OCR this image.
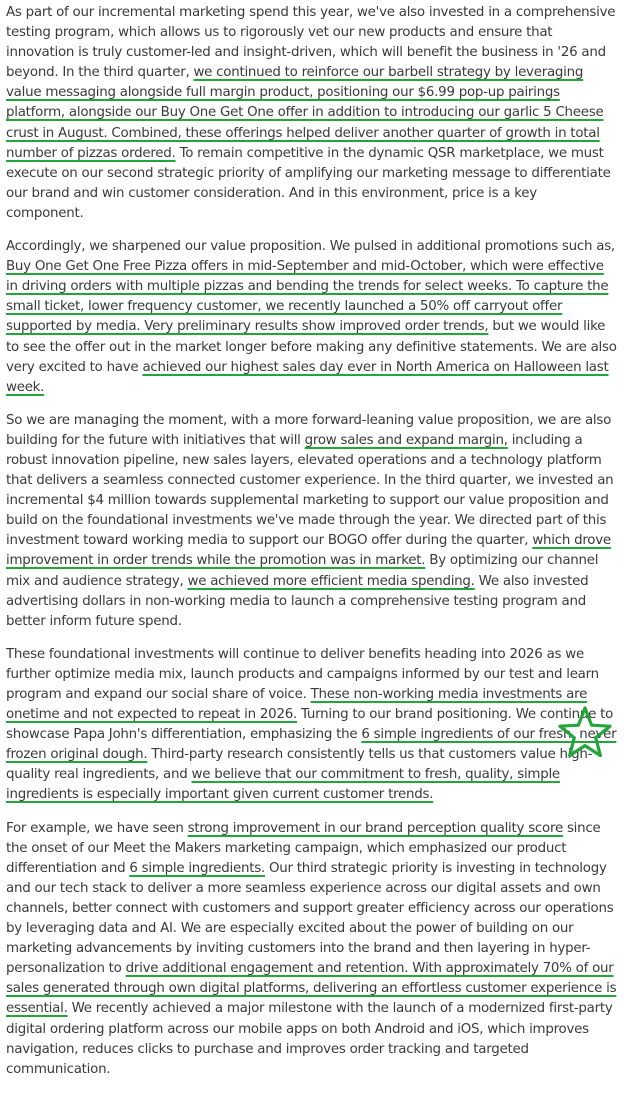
As part of our incremental marketing spend this year, we've also invested in a comprehensive testing program, which allows us to rigorously vet our new products and ensure that innovation is truly customer-led and insight-driven, which will benefit the business in '26 and beyond. In the third quarter, we continued to reinforce our barbell strategy by leveraging value messaging alongside full margin product, positioning our $6.99 pop-up pairings platform, alongside our Buy One Get One offer in addition to introducing our garlic 5 Cheese crust in August. Combined, these offerings helped deliver another quarter of growth in total number of pizzas ordered. To remain competitive in the dynamic QSR marketplace, we must execute on our second strategic priority of amplifying our marketing message to differentiate our brand and win customer consideration. And in this environment, price is a key component.

Accordingly, we sharpened our value proposition. We pulsed in additional promotions such as, Buy One Get One Free Pizza offers in mid-September and mid-October, which were effective in driving orders with multiple pizzas and bending the trends for select weeks. To capture the small ticket, lower frequency customer, we recently launched a 50% off carryout offer supported by media. Very preliminary results show improved order trends, but we would like to see the offer out in the market longer before making any definitive statements. We are also very excited to have achieved our highest sales day ever in North America on Halloween last week.

So we are managing the moment, with a more forward-leaning value proposition, we are also building for the future with initiatives that will grow sales and expand margin, including a robust innovation pipeline, new sales layers, elevated operations and a technology platform that delivers a seamless connected customer experience. In the third quarter, we invested an incremental $4 million towards supplemental marketing to support our value proposition and build on the foundational investments we've made through the year. We directed part of this investment toward working media to support our BOGO offer during the quarter, which drove improvement in order trends while the promotion was in market. By optimizing our channel mix and audience strategy, we achieved more efficient media spending. We also invested advertising dollars in non-working media to launch a comprehensive testing program and better inform future spend.

These foundational investments will continue to deliver benefits heading into 2026 as we further optimize media mix, launch products and campaigns informed by our test and learn program and expand our social share of voice. These non-working media investments are onetime and not expected to repeat in 2026. Turning to our brand positioning. We continue to showcase Papa John's differentiation, emphasizing the 6 simple ingredients of our fresh, never frozen original dough. Third-party research consistently tells us that customers value high-quality real ingredients, and we believe that our commitment to fresh, quality, simple ingredients is especially important given current customer trends.

For example, we have seen strong improvement in our brand perception quality score since the onset of our Meet the Makers marketing campaign, which emphasized our product differentiation and 6 simple ingredients. Our third strategic priority is investing in technology and our tech stack to deliver a more seamless experience across our digital assets and own channels, better connect with customers and support greater efficiency across our operations by leveraging data and AI. We are especially excited about the power of building on our marketing advancements by inviting customers into the brand and then layering in hyper-personalization to drive additional engagement and retention. With approximately 70% of our sales generated through own digital platforms, delivering an effortless customer experience is essential. We recently achieved a major milestone with the launch of a modernized first-party digital ordering platform across our mobile apps on both Android and iOS, which improves navigation, reduces clicks to purchase and improves order tracking and targeted communication.
